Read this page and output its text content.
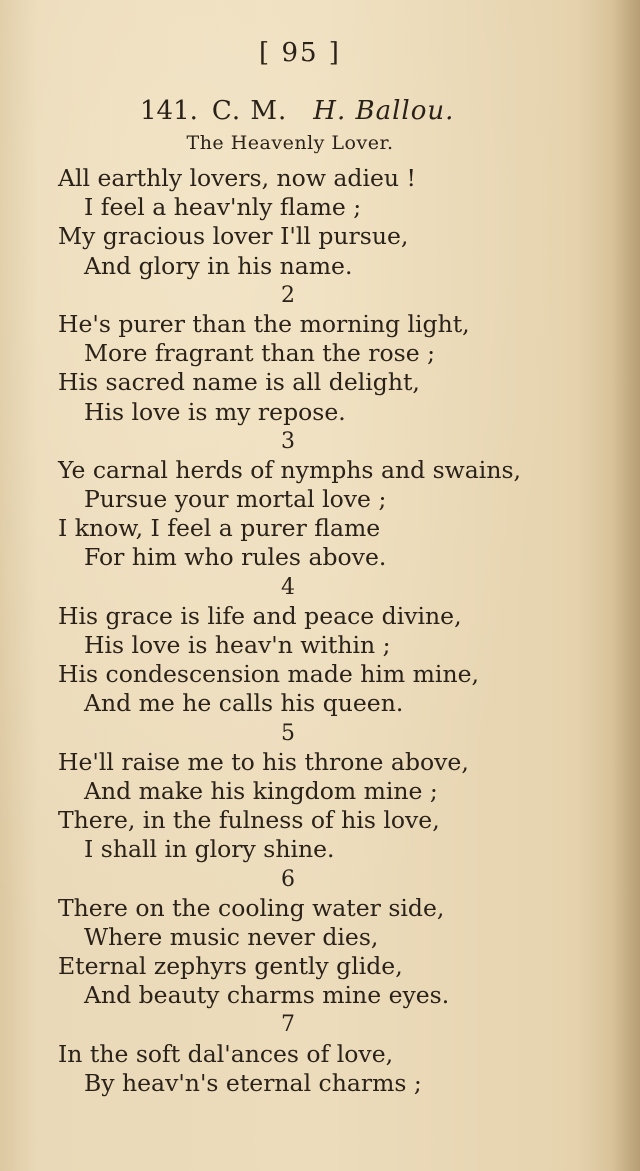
[ 95 ]
141. C. M. H. Ballou.
The Heavenly Lover.
All earthly lovers, now adieu !
I feel a heav'nly flame ;
My gracious lover I'll pursue,
And glory in his name.
2
He's purer than the morning light,
More fragrant than the rose ;
His sacred name is all delight,
His love is my repose.
3
Ye carnal herds of nymphs and swains,
Pursue your mortal love ;
I know, I feel a purer flame
For him who rules above.
4
His grace is life and peace divine,
His love is heav'n within ;
His condescension made him mine,
And me he calls his queen.
5
He'll raise me to his throne above,
And make his kingdom mine ;
There, in the fulness of his love,
I shall in glory shine.
6
There on the cooling water side,
Where music never dies,
Eternal zephyrs gently glide,
And beauty charms mine eyes.
7
In the soft dal'ances of love,
By heav'n's eternal charms ;
